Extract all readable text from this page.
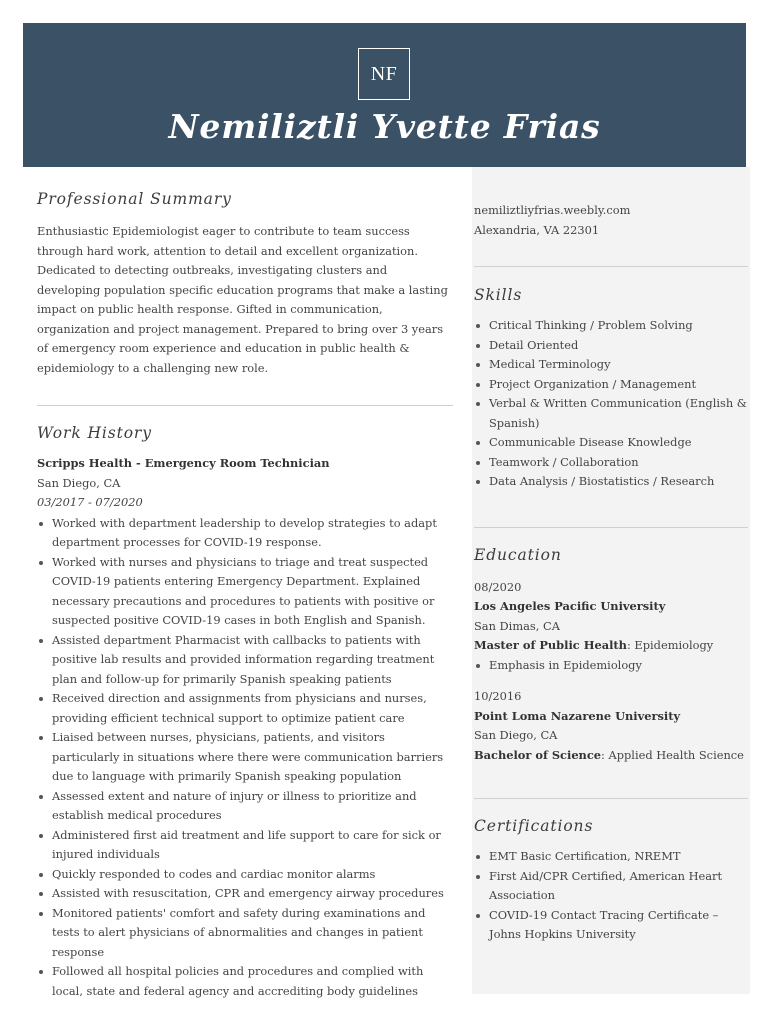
NF
Nemiliztli Yvette Frias
Professional Summary
Enthusiastic Epidemiologist eager to contribute to team success through hard work, attention to detail and excellent organization. Dedicated to detecting outbreaks, investigating clusters and developing population specific education programs that make a lasting impact on public health response. Gifted in communication, organization and project management. Prepared to bring over 3 years of emergency room experience and education in public health & epidemiology to a challenging new role.
Work History
Scripps Health - Emergency Room Technician
San Diego, CA
03/2017 - 07/2020
Worked with department leadership to develop strategies to adapt department processes for COVID-19 response.
Worked with nurses and physicians to triage and treat suspected COVID-19 patients entering Emergency Department. Explained necessary precautions and procedures to patients with positive or suspected positive COVID-19 cases in both English and Spanish.
Assisted department Pharmacist with callbacks to patients with positive lab results and provided information regarding treatment plan and follow-up for primarily Spanish speaking patients
Received direction and assignments from physicians and nurses, providing efficient technical support to optimize patient care
Liaised between nurses, physicians, patients, and visitors particularly in situations where there were communication barriers due to language with primarily Spanish speaking population
Assessed extent and nature of injury or illness to prioritize and establish medical procedures
Administered first aid treatment and life support to care for sick or injured individuals
Quickly responded to codes and cardiac monitor alarms
Assisted with resuscitation, CPR and emergency airway procedures
Monitored patients' comfort and safety during examinations and tests to alert physicians of abnormalities and changes in patient response
Followed all hospital policies and procedures and complied with local, state and federal agency and accrediting body guidelines
nemiliztliyfrias.weebly.com
Alexandria, VA 22301
Skills
Critical Thinking / Problem Solving
Detail Oriented
Medical Terminology
Project Organization / Management
Verbal & Written Communication (English & Spanish)
Communicable Disease Knowledge
Teamwork / Collaboration
Data Analysis / Biostatistics / Research
Education
08/2020
Los Angeles Pacific University
San Dimas, CA
Master of Public Health: Epidemiology
Emphasis in Epidemiology
10/2016
Point Loma Nazarene University
San Diego, CA
Bachelor of Science: Applied Health Science
Certifications
EMT Basic Certification, NREMT
First Aid/CPR Certified, American Heart Association
COVID-19 Contact Tracing Certificate – Johns Hopkins University
